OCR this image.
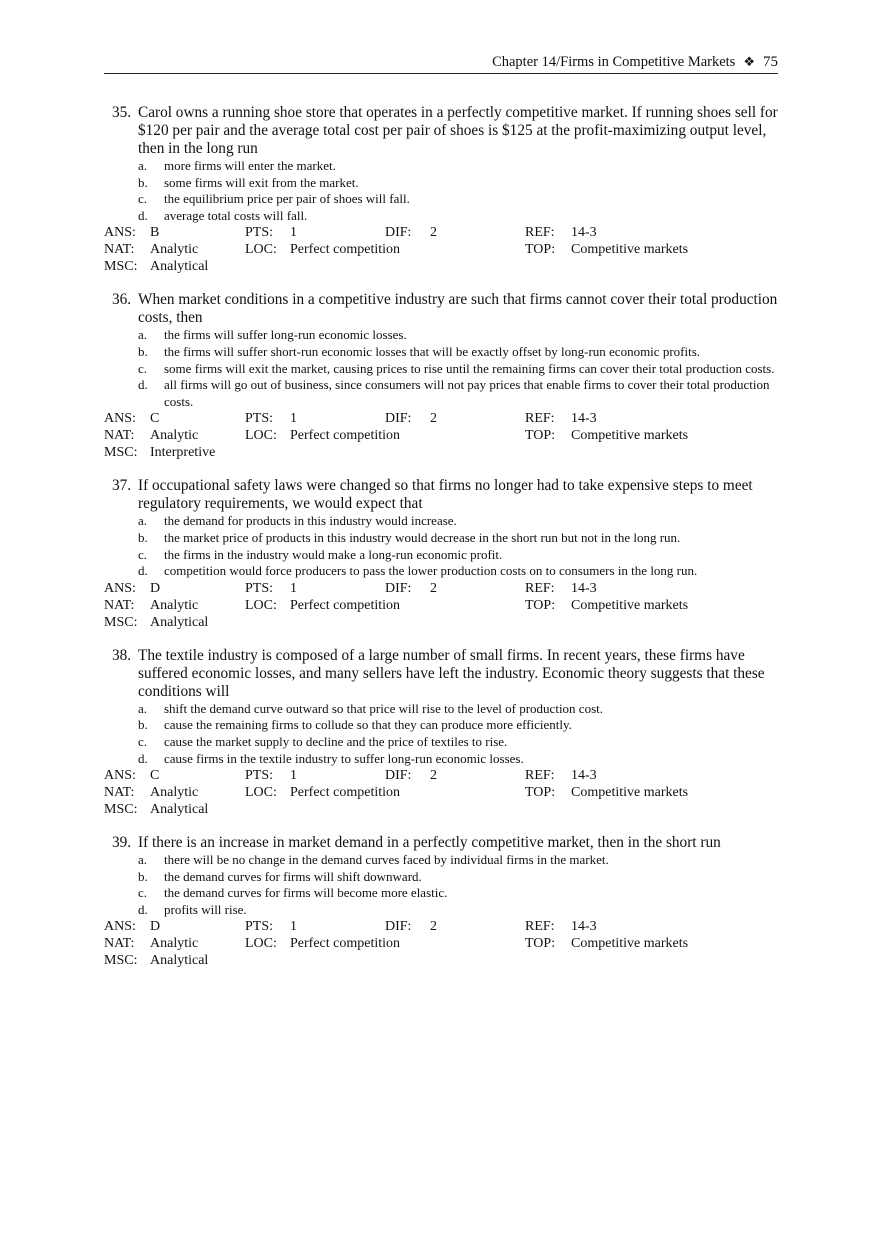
Chapter 14/Firms in Competitive Markets ❖ 75
35. Carol owns a running shoe store that operates in a perfectly competitive market. If running shoes sell for $120 per pair and the average total cost per pair of shoes is $125 at the profit-maximizing output level, then in the long run
a. more firms will enter the market.
b. some firms will exit from the market.
c. the equilibrium price per pair of shoes will fall.
d. average total costs will fall.
ANS: B	PTS: 1	DIF: 2	REF: 14-3
NAT: Analytic	LOC: Perfect competition	TOP: Competitive markets
MSC: Analytical
36. When market conditions in a competitive industry are such that firms cannot cover their total production costs, then
a. the firms will suffer long-run economic losses.
b. the firms will suffer short-run economic losses that will be exactly offset by long-run economic profits.
c. some firms will exit the market, causing prices to rise until the remaining firms can cover their total production costs.
d. all firms will go out of business, since consumers will not pay prices that enable firms to cover their total production costs.
ANS: C	PTS: 1	DIF: 2	REF: 14-3
NAT: Analytic	LOC: Perfect competition	TOP: Competitive markets
MSC: Interpretive
37. If occupational safety laws were changed so that firms no longer had to take expensive steps to meet regulatory requirements, we would expect that
a. the demand for products in this industry would increase.
b. the market price of products in this industry would decrease in the short run but not in the long run.
c. the firms in the industry would make a long-run economic profit.
d. competition would force producers to pass the lower production costs on to consumers in the long run.
ANS: D	PTS: 1	DIF: 2	REF: 14-3
NAT: Analytic	LOC: Perfect competition	TOP: Competitive markets
MSC: Analytical
38. The textile industry is composed of a large number of small firms. In recent years, these firms have suffered economic losses, and many sellers have left the industry. Economic theory suggests that these conditions will
a. shift the demand curve outward so that price will rise to the level of production cost.
b. cause the remaining firms to collude so that they can produce more efficiently.
c. cause the market supply to decline and the price of textiles to rise.
d. cause firms in the textile industry to suffer long-run economic losses.
ANS: C	PTS: 1	DIF: 2	REF: 14-3
NAT: Analytic	LOC: Perfect competition	TOP: Competitive markets
MSC: Analytical
39. If there is an increase in market demand in a perfectly competitive market, then in the short run
a. there will be no change in the demand curves faced by individual firms in the market.
b. the demand curves for firms will shift downward.
c. the demand curves for firms will become more elastic.
d. profits will rise.
ANS: D	PTS: 1	DIF: 2	REF: 14-3
NAT: Analytic	LOC: Perfect competition	TOP: Competitive markets
MSC: Analytical
